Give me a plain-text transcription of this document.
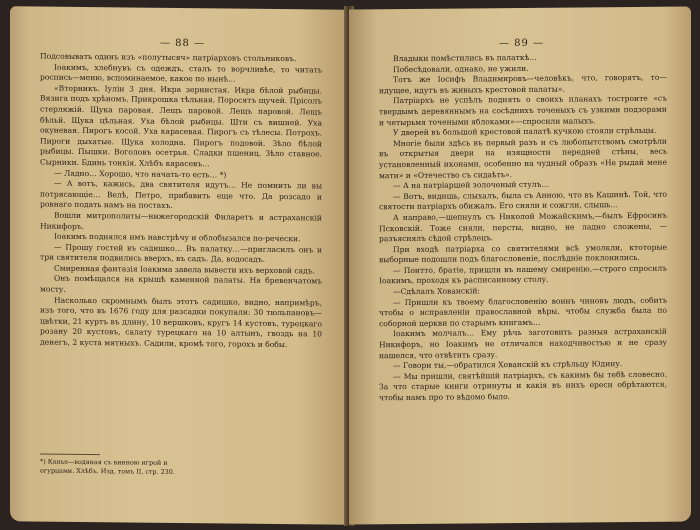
— 88 —

Подсовывать одинъ изъ «полутысяч» патріарховъ стольниковъ.

Іоакимъ, хлебнувъ съ одеждъ, сталъ то ворчливѣе, то читать роспись—меню, вспоминаемое, какое по нынѣ…

«Вторникъ. Іуліи 3 дня. Икра зернистая. Икра бѣлой рыбицы. Вязига подъ хрѣномъ. Прикрошка тѣльная. Поросятъ щучей. Прісолъ стерляжій. Щука паровая. Лещъ паровой. Лещъ паровой. Лещъ бѣльй. Щука цѣльная. Уха бѣлой рыбицы. Шти съ вишней. Уха окуневая. Пирогъ косой. Уха карасевая. Пирогъ съ тѣлесы. Потрохъ. Пироги дыхатые. Щука холодна. Пирогъ подовой. Зѣло бѣлой рыбицы. Пышки. Воголовъ осетрья. Сладки пшениц. Зѣло ставное. Сырники. Бдинь тонкія. Хлѣбъ карасевъ…

— Ладно… Хорошо, что начать-то есть… *)

— А вотъ, кажись, два святителя идутъ… Не помнить ли вы потрясающіе… Велѣ, Петро, прибавить еще что. Да розсадо и ровнаго подать намъ на постахъ.

Вошли митрополиты—нижегородскій Филаретъ и астраханскій Никифоръ.

Іоакимъ поднялся имъ навстрѣчу и облобызался по-речески.

— Прошу гостей въ садишко… Въ палатку…—пригласилъ онъ и три святителя подвились вверхъ, въ садъ. Да, водосадъ.

Смиренная фантазія Іоакима завела вывести ихъ верховой садъ.

Онъ помѣщался на крышѣ каменной палаты. На бревенчатомъ мосту.

Насколько скромнымъ былъ этотъ садишко, видно, напримѣръ, изъ того, что въ 1676 году для разсадки покупали: 30 тюльпановъ—цвѣтки, 21 куртъ въ длину, 10 вершковъ, кругъ 14 кустовъ, турецкаго розану 20 кустовъ, салату турецкаго на 10 алтынъ, гвоздь на 10 денегъ, 2 куста мятныхъ. Садили, кромѣ того, горохъ и бобы.

*) Канье—водяная съ винною игрой и огурцами. Хлѣбъ. Изд. томъ II, стр. 230.
— 89 —

Владыки помѣстились въ палаткѣ…

Побесѣдовали, однако, не ужили.

Тотъ же Іосифъ Владимировъ—человѣкъ, что, говорятъ, то—идущее, идутъ въ живыхъ крестовой палаты».

Патріархъ не успѣлъ поднять о своихъ планахъ тостроите «съ твердымъ деревяннымъ на сосѣднихъ точеныхъ съ узкими подзорами и четырьмя точеными яблоками»—спросили малыхъ.

У дверей въ большой крестовой палатѣ кучкою стояли стрѣльцы.

Многіе были здѣсь въ первый разъ и съ любопытствомъ смотрѣли въ открытыя двери на изящности передней стѣны, весь установленный иконами, особенно на чудный образъ «Не рыдай мене мати» и «Отечество съ сидаѣть».

— А на патріаршей золоченый стулъ…

— Вотъ, видишь, слыхалъ, была съ Анною, что въ Кашинѣ. Той, что святости патріархъ обижалъ. Его сняли и сожгли, слышь…

А направо,—шепнулъ съ Николой Можайскимъ,—былъ Ефросинъ Псковскій. Тоже сняли, персты, видно, не ладно сложены, —разъяснялъ сѣдой стрѣлецъ.

При входѣ патріарха со святителями всѣ умолкли, ктоторые выборные подошли подъ благословеніе, послѣдніе поклонились.

— Поитто, братіе, пришли въ нашему смиренію,—строго спросилъ Іоакимъ, проходя къ расписанному столу.

—Сдѣлалъ Хованскій:

— Пришли къ твоему благословенію воинъ чиновъ людъ, собить чтобы о исправленіи православной вѣры, чтобы служба была по соборной церкви по старымъ книгамъ…

Іоакимъ молчалъ… Ему рѣчь заготовить разныя астраханскій Никифоръ, но Іоакимъ не отличался находчивостью и не сразу нашелся, что отвѣтить сразу.

— Говори ты,—обратился Хованскій къ стрѣльцу Юдину.

— Мы пришли, святѣйшій патріархъ, съ какимъ бы тебѣ словесно. За что старые книги отринуты и какія въ нихъ ереси обрѣтаются, чтобы намъ про то вѣдомо было.
